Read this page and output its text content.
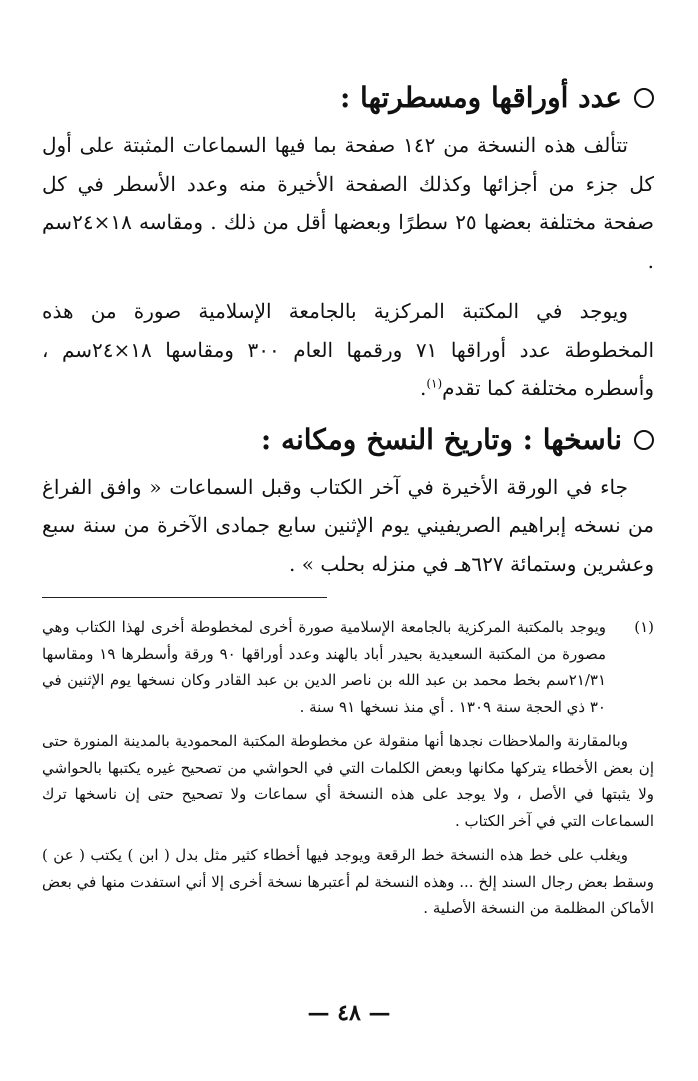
عدد أوراقها ومسطرتها :

تتألف هذه النسخة من ١٤٢ صفحة بما فيها السماعات المثبتة على أول كل جزء من أجزائها وكذلك الصفحة الأخيرة منه وعدد الأسطر في كل صفحة مختلفة بعضها ٢٥ سطرًا وبعضها أقل من ذلك . ومقاسه ١٨×٢٤سم .

ويوجد في المكتبة المركزية بالجامعة الإسلامية صورة من هذه المخطوطة عدد أوراقها ٧١ ورقمها العام ٣٠٠ ومقاسها ١٨×٢٤سم ، وأسطره مختلفة كما تقدم$^{(١)}$.

ناسخها : وتاريخ النسخ ومكانه :

جاء في الورقة الأخيرة في آخر الكتاب وقبل السماعات « وافق الفراغ من نسخه إبراهيم الصريفيني يوم الإثنين سابع جمادى الآخرة من سنة سبع وعشرين وستمائة ٦٢٧هـ في منزله بحلب » .

(١)
ويوجد بالمكتبة المركزية بالجامعة الإسلامية صورة أخرى لمخطوطة أخرى لهذا الكتاب وهي مصورة من المكتبة السعيدية بحيدر أباد بالهند وعدد أوراقها ٩٠ ورقة وأسطرها ١٩ ومقاسها ٢١/٣١سم بخط محمد بن عبد الله بن ناصر الدين بن عبد القادر وكان نسخها يوم الإثنين في ٣٠ ذي الحجة سنة ١٣٠٩ . أي منذ نسخها ٩١ سنة .

وبالمقارنة والملاحظات نجدها أنها منقولة عن مخطوطة المكتبة المحمودية بالمدينة المنورة حتى إن بعض الأخطاء يتركها مكانها وبعض الكلمات التي في الحواشي من تصحيح غيره يكتبها بالحواشي ولا يثبتها في الأصل ، ولا يوجد على هذه النسخة أي سماعات ولا تصحيح حتى إن ناسخها ترك السماعات التي في آخر الكتاب .

ويغلب على خط هذه النسخة خط الرقعة ويوجد فيها أخطاء كثير مثل بدل ( ابن ) يكتب ( عن ) وسقط بعض رجال السند إلخ ... وهذه النسخة لم أعتبرها نسخة أخرى إلا أني استفدت منها في بعض الأماكن المظلمة من النسخة الأصلية .

— ٤٨ —
